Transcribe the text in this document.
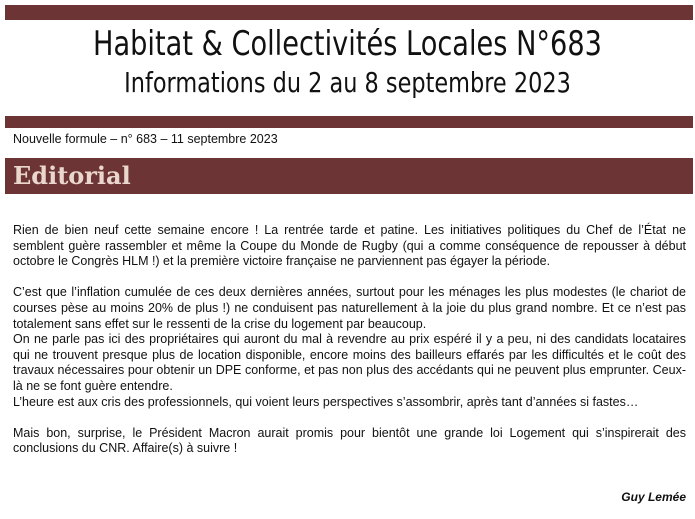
Habitat & Collectivités Locales N°683
Informations du 2 au 8 septembre 2023
Nouvelle formule – n° 683 – 11 septembre 2023
Editorial

Rien de bien neuf cette semaine encore ! La rentrée tarde et patine. Les initiatives politiques du Chef de l’État ne semblent guère rassembler et même la Coupe du Monde de Rugby (qui a comme conséquence de repousser à début octobre le Congrès HLM !) et la première victoire française ne parviennent pas égayer la période.

C’est que l’inflation cumulée de ces deux dernières années, surtout pour les ménages les plus modestes (le chariot de courses pèse au moins 20% de plus !) ne conduisent pas naturellement à la joie du plus grand nombre. Et ce n’est pas totalement sans effet sur le ressenti de la crise du logement par beaucoup.

On ne parle pas ici des propriétaires qui auront du mal à revendre au prix espéré il y a peu, ni des candidats locataires qui ne trouvent presque plus de location disponible, encore moins des bailleurs effarés par les difficultés et le coût des travaux nécessaires pour obtenir un DPE conforme, et pas non plus des accédants qui ne peuvent plus emprunter. Ceux-là ne se font guère entendre.

L’heure est aux cris des professionnels, qui voient leurs perspectives s’assombrir, après tant d’années si fastes…

Mais bon, surprise, le Président Macron aurait promis pour bientôt une grande loi Logement qui s’inspirerait des conclusions du CNR. Affaire(s) à suivre !

Guy Lemée
